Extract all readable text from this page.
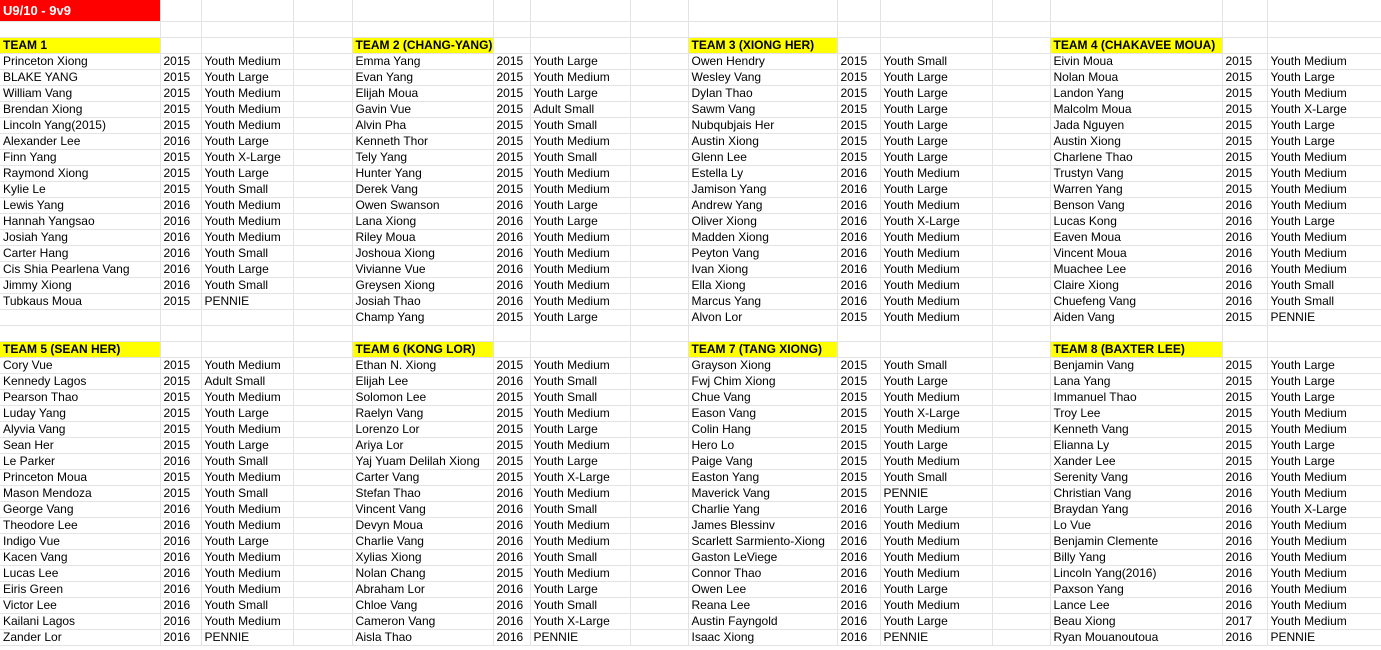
U9/10 - 9v9														

TEAM 1				TEAM 2 (CHANG-YANG)				TEAM 3 (XIONG HER)				TEAM 4 (CHAKAVEE MOUA)		
Princeton Xiong	2015	Youth Medium		Emma Yang	2015	Youth Large		Owen Hendry	2015	Youth Small		Eivin Moua	2015	Youth Medium
BLAKE YANG	2015	Youth Large		Evan Yang	2015	Youth Medium		Wesley Vang	2015	Youth Large		Nolan Moua	2015	Youth Large
William Vang	2015	Youth Medium		Elijah Moua	2015	Youth Large		Dylan Thao	2015	Youth Large		Landon Yang	2015	Youth Medium
Brendan Xiong	2015	Youth Medium		Gavin Vue	2015	Adult Small		Sawm Vang	2015	Youth Large		Malcolm Moua	2015	Youth X-Large
Lincoln Yang(2015)	2015	Youth Medium		Alvin Pha	2015	Youth Small		Nubqubjais Her	2015	Youth Large		Jada Nguyen	2015	Youth Large
Alexander Lee	2016	Youth Large		Kenneth Thor	2015	Youth Medium		Austin Xiong	2015	Youth Large		Austin Xiong	2015	Youth Large
Finn Yang	2015	Youth X-Large		Tely Yang	2015	Youth Small		Glenn Lee	2015	Youth Large		Charlene Thao	2015	Youth Medium
Raymond Xiong	2015	Youth Large		Hunter Yang	2015	Youth Medium		Estella Ly	2016	Youth Medium		Trustyn Vang	2015	Youth Medium
Kylie Le	2015	Youth Small		Derek Vang	2015	Youth Medium		Jamison Yang	2016	Youth Large		Warren Yang	2015	Youth Medium
Lewis Yang	2016	Youth Medium		Owen Swanson	2016	Youth Large		Andrew Yang	2016	Youth Medium		Benson Vang	2016	Youth Medium
Hannah Yangsao	2016	Youth Medium		Lana Xiong	2016	Youth Large		Oliver Xiong	2016	Youth X-Large		Lucas Kong	2016	Youth Large
Josiah Yang	2016	Youth Medium		Riley Moua	2016	Youth Medium		Madden Xiong	2016	Youth Medium		Eaven Moua	2016	Youth Medium
Carter Hang	2016	Youth Small		Joshoua Xiong	2016	Youth Medium		Peyton Vang	2016	Youth Medium		Vincent Moua	2016	Youth Medium
Cis Shia Pearlena Vang	2016	Youth Large		Vivianne Vue	2016	Youth Medium		Ivan Xiong	2016	Youth Medium		Muachee Lee	2016	Youth Medium
Jimmy Xiong	2016	Youth Small		Greysen Xiong	2016	Youth Medium		Ella Xiong	2016	Youth Medium		Claire Xiong	2016	Youth Small
Tubkaus Moua	2015	PENNIE		Josiah Thao	2016	Youth Medium		Marcus Yang	2016	Youth Medium		Chuefeng Vang	2016	Youth Small
				Champ Yang	2015	Youth Large		Alvon Lor	2015	Youth Medium		Aiden Vang	2015	PENNIE

TEAM 5 (SEAN HER)				TEAM 6 (KONG LOR)				TEAM 7 (TANG XIONG)				TEAM 8 (BAXTER LEE)		
Cory Vue	2015	Youth Medium		Ethan N. Xiong	2015	Youth Medium		Grayson Xiong	2015	Youth Small		Benjamin Vang	2015	Youth Large
Kennedy Lagos	2015	Adult Small		Elijah Lee	2016	Youth Small		Fwj Chim Xiong	2015	Youth Large		Lana Yang	2015	Youth Large
Pearson Thao	2015	Youth Medium		Solomon Lee	2015	Youth Small		Chue Vang	2015	Youth Medium		Immanuel Thao	2015	Youth Large
Luday Yang	2015	Youth Large		Raelyn Vang	2015	Youth Medium		Eason Vang	2015	Youth X-Large		Troy Lee	2015	Youth Medium
Alyvia Vang	2015	Youth Medium		Lorenzo Lor	2015	Youth Large		Colin Hang	2015	Youth Medium		Kenneth Vang	2015	Youth Medium
Sean Her	2015	Youth Large		Ariya Lor	2015	Youth Medium		Hero Lo	2015	Youth Large		Elianna Ly	2015	Youth Large
Le Parker	2016	Youth Small		Yaj Yuam Delilah Xiong	2015	Youth Large		Paige Vang	2015	Youth Medium		Xander Lee	2015	Youth Large
Princeton Moua	2015	Youth Medium		Carter Vang	2015	Youth X-Large		Easton Yang	2015	Youth Small		Serenity Vang	2016	Youth Medium
Mason Mendoza	2015	Youth Small		Stefan Thao	2016	Youth Medium		Maverick Vang	2015	PENNIE		Christian Vang	2016	Youth Medium
George Vang	2016	Youth Medium		Vincent Vang	2016	Youth Small		Charlie Yang	2016	Youth Large		Braydan Yang	2016	Youth X-Large
Theodore Lee	2016	Youth Medium		Devyn Moua	2016	Youth Medium		James Blessinv	2016	Youth Medium		Lo Vue	2016	Youth Medium
Indigo Vue	2016	Youth Large		Charlie Vang	2016	Youth Medium		Scarlett Sarmiento-Xiong	2016	Youth Medium		Benjamin Clemente	2016	Youth Medium
Kacen Vang	2016	Youth Medium		Xylias Xiong	2016	Youth Small		Gaston LeViege	2016	Youth Medium		Billy Yang	2016	Youth Medium
Lucas Lee	2016	Youth Medium		Nolan Chang	2015	Youth Medium		Connor Thao	2016	Youth Medium		Lincoln Yang(2016)	2016	Youth Medium
Eiris Green	2016	Youth Medium		Abraham Lor	2016	Youth Large		Owen Lee	2016	Youth Large		Paxson Yang	2016	Youth Medium
Victor Lee	2016	Youth Small		Chloe Vang	2016	Youth Small		Reana Lee	2016	Youth Medium		Lance Lee	2016	Youth Medium
Kailani Lagos	2016	Youth Medium		Cameron Vang	2016	Youth X-Large		Austin Fayngold	2016	Youth Large		Beau Xiong	2017	Youth Medium
Zander Lor	2016	PENNIE		Aisla Thao	2016	PENNIE		Isaac Xiong	2016	PENNIE		Ryan Mouanoutoua	2016	PENNIE
